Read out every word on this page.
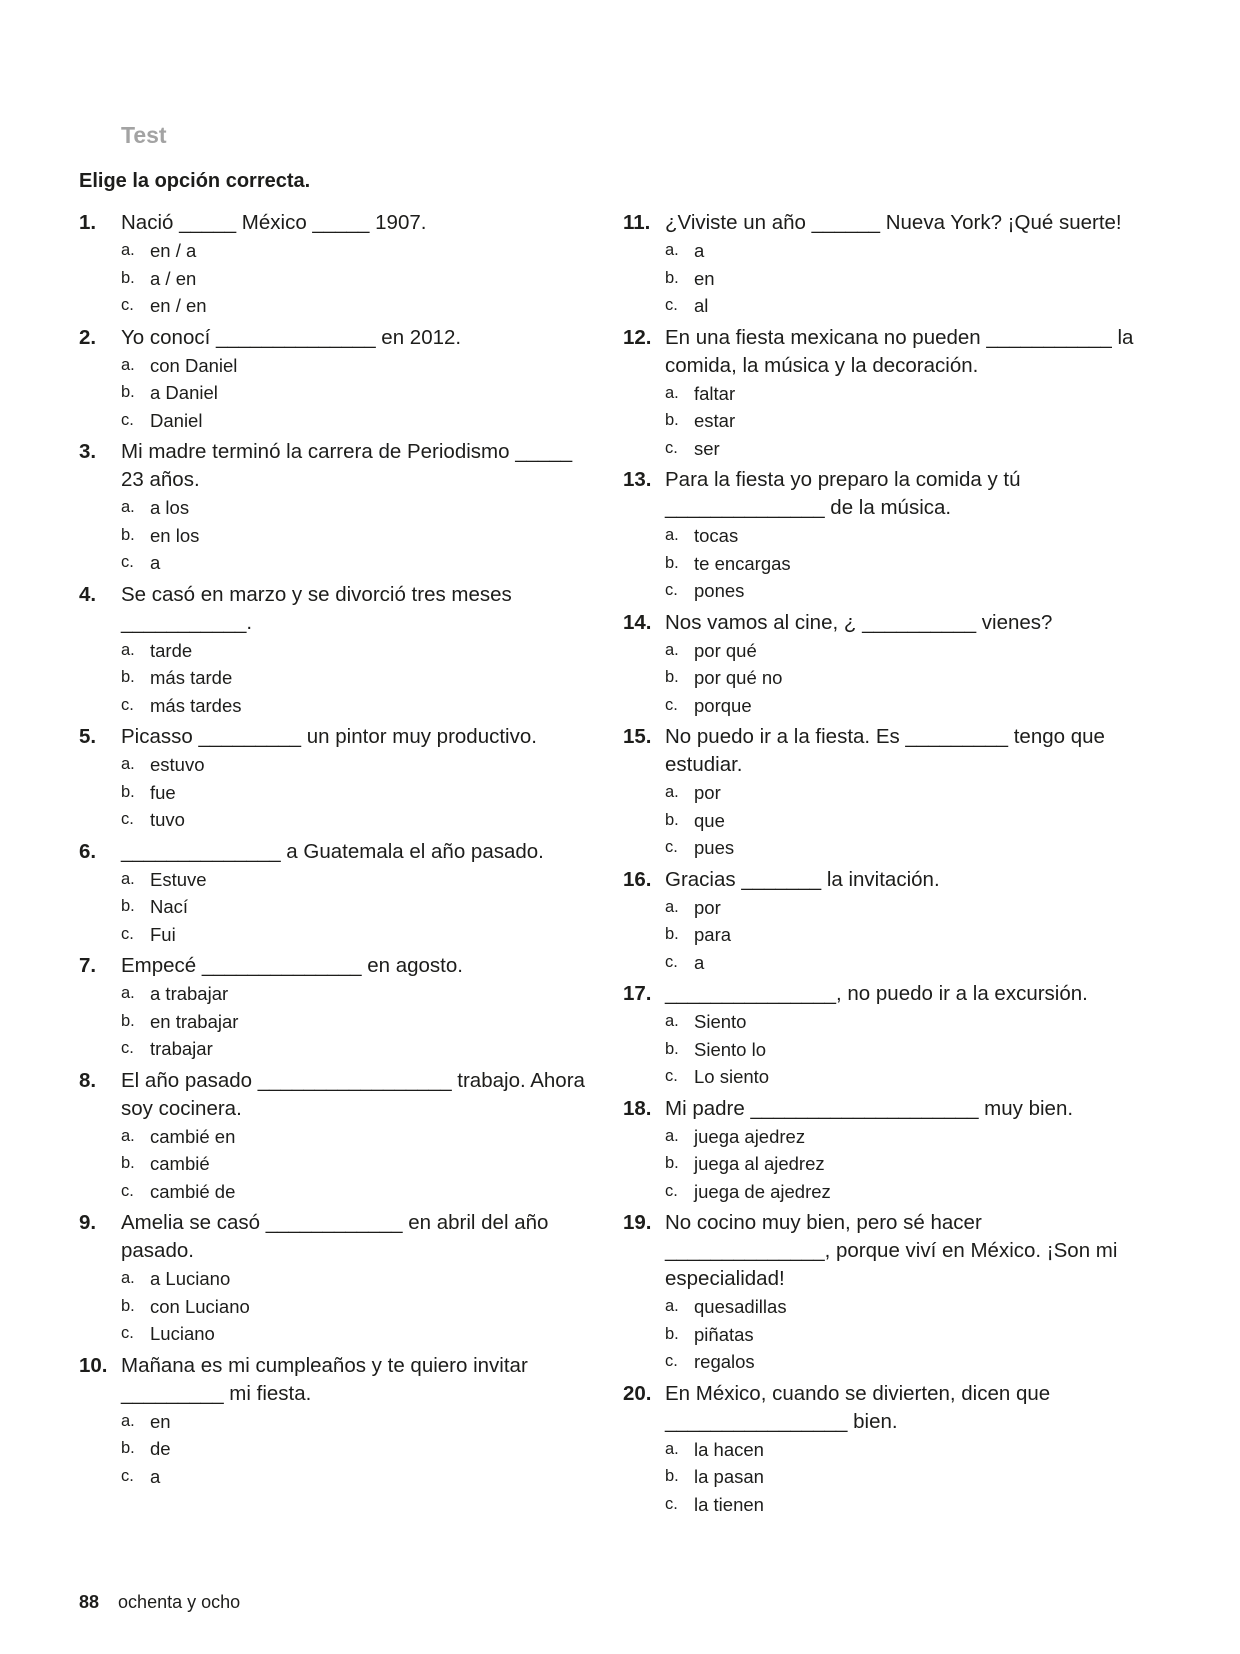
Test

Elige la opción correcta.

1. Nació _____ México _____ 1907.

a. en / a
b. a / en
c. en / en
2. Yo conocí ______________ en 2012.

a. con Daniel
b. a Daniel
c. Daniel
3. Mi madre terminó la carrera de Periodismo _____ 23 años.

a. a los
b. en los
c. a
4. Se casó en marzo y se divorció tres meses ___________.

a. tarde
b. más tarde
c. más tardes
5. Picasso _________ un pintor muy productivo.

a. estuvo
b. fue
c. tuvo
6. ______________ a Guatemala el año pasado.

a. Estuve
b. Nací
c. Fui
7. Empecé ______________ en agosto.

a. a trabajar
b. en trabajar
c. trabajar
8. El año pasado _________________ trabajo. Ahora soy cocinera.

a. cambié en
b. cambié
c. cambié de
9. Amelia se casó ____________ en abril del año pasado.

a. a Luciano
b. con Luciano
c. Luciano
10. Mañana es mi cumpleaños y te quiero invitar _________ mi fiesta.

a. en
b. de
c. a
11. ¿Viviste un año ______ Nueva York? ¡Qué suerte!

a. a
b. en
c. al
12. En una fiesta mexicana no pueden ___________ la comida, la música y la decoración.

a. faltar
b. estar
c. ser
13. Para la fiesta yo preparo la comida y tú ______________ de la música.

a. tocas
b. te encargas
c. pones
14. Nos vamos al cine, ¿ __________ vienes?

a. por qué
b. por qué no
c. porque
15. No puedo ir a la fiesta. Es _________ tengo que estudiar.

a. por
b. que
c. pues
16. Gracias _______ la invitación.

a. por
b. para
c. a
17. _______________, no puedo ir a la excursión.

a. Siento
b. Siento lo
c. Lo siento
18. Mi padre ____________________ muy bien.

a. juega ajedrez
b. juega al ajedrez
c. juega de ajedrez
19. No cocino muy bien, pero sé hacer ______________, porque viví en México. ¡Son mi especialidad!

a. quesadillas
b. piñatas
c. regalos
20. En México, cuando se divierten, dicen que ________________ bien.

a. la hacen
b. la pasan
c. la tienen
88 ochenta y ocho
